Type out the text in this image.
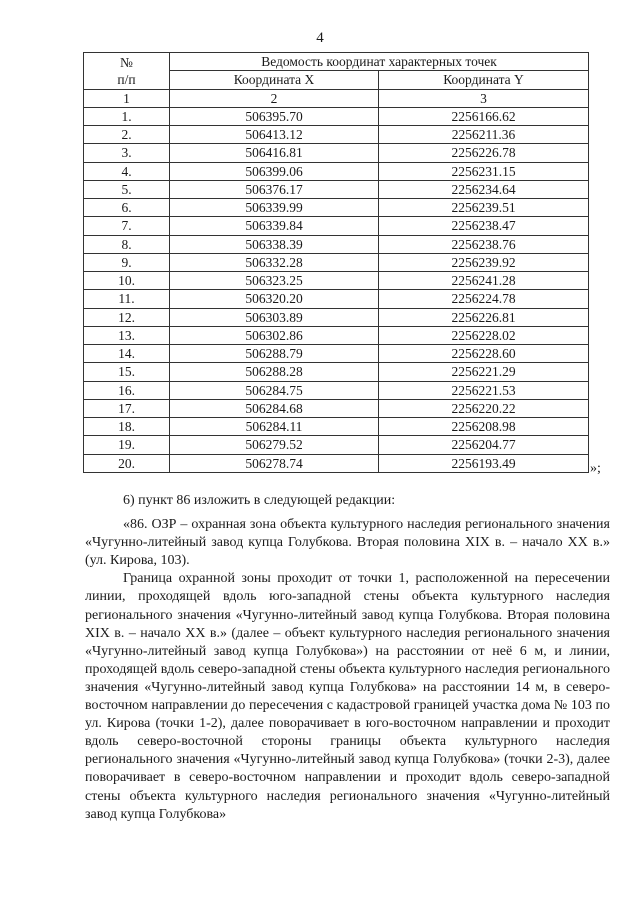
4
№
п/п	Ведомость координат характерных точек	
	Координата X	Координата Y
1	2	3
1.	506395.70	2256166.62
2.	506413.12	2256211.36
3.	506416.81	2256226.78
4.	506399.06	2256231.15
5.	506376.17	2256234.64
6.	506339.99	2256239.51
7.	506339.84	2256238.47
8.	506338.39	2256238.76
9.	506332.28	2256239.92
10.	506323.25	2256241.28
11.	506320.20	2256224.78
12.	506303.89	2256226.81
13.	506302.86	2256228.02
14.	506288.79	2256228.60
15.	506288.28	2256221.29
16.	506284.75	2256221.53
17.	506284.68	2256220.22
18.	506284.11	2256208.98
19.	506279.52	2256204.77
20.	506278.74	2256193.49	»;

6) пункт 86 изложить в следующей редакции:

«86. ОЗР – охранная зона объекта культурного наследия регионального значения «Чугунно-литейный завод купца Голубкова. Вторая половина XIX в. – начало XX в.» (ул. Кирова, 103).

Граница охранной зоны проходит от точки 1, расположенной на пересечении линии, проходящей вдоль юго-западной стены объекта культурного наследия регионального значения «Чугунно-литейный завод купца Голубкова. Вторая половина XIX в. – начало XX в.» (далее – объект культурного наследия регионального значения «Чугунно-литейный завод купца Голубкова») на расстоянии от неё 6 м, и линии, проходящей вдоль северо-западной стены объекта культурного наследия регионального значения «Чугунно-литейный завод купца Голубкова» на расстоянии 14 м, в северо-восточном направлении до пересечения с кадастровой границей участка дома № 103 по ул. Кирова (точки 1-2), далее поворачивает в юго-восточном направлении и проходит вдоль северо-восточной стороны границы объекта культурного наследия регионального значения «Чугунно-литейный завод купца Голубкова» (точки 2-3), далее поворачивает в северо-восточном направлении и проходит вдоль северо-западной стены объекта культурного наследия регионального значения «Чугунно-литейный завод купца Голубкова»
